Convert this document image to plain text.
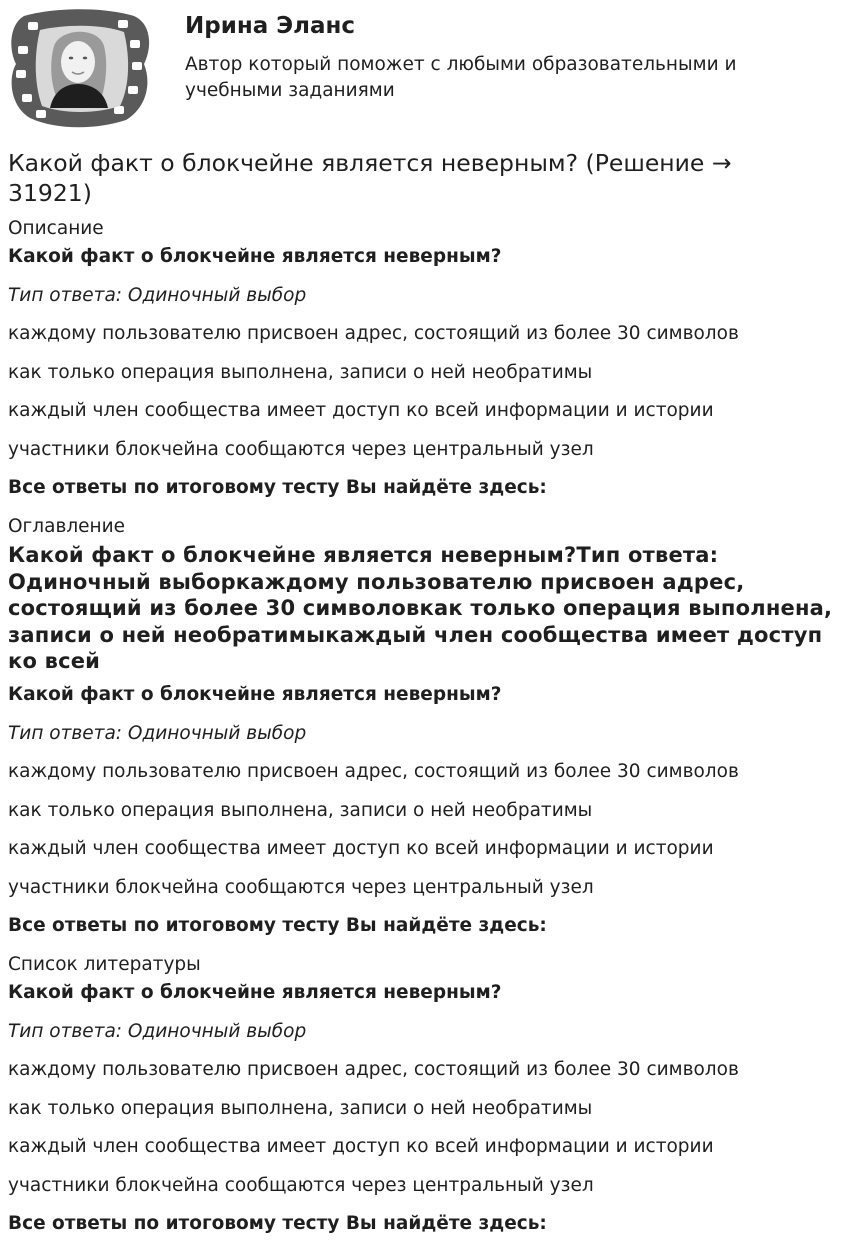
Ирина Эланс

Автор который поможет с любыми образовательными и учебными заданиями

Какой факт о блокчейне является неверным? (Решение → 31921)

Описание

Какой факт о блокчейне является неверным?

Тип ответа: Одиночный выбор

каждому пользователю присвоен адрес, состоящий из более 30 символов

как только операция выполнена, записи о ней необратимы

каждый член сообщества имеет доступ ко всей информации и истории

участники блокчейна сообщаются через центральный узел

Все ответы по итоговому тесту Вы найдёте здесь:

Оглавление

Какой факт о блокчейне является неверным?Тип ответа: Одиночный выборкаждому пользователю присвоен адрес, состоящий из более 30 символовкак только операция выполнена, записи о ней необратимыкаждый член сообщества имеет доступ ко всей

Какой факт о блокчейне является неверным?

Тип ответа: Одиночный выбор

каждому пользователю присвоен адрес, состоящий из более 30 символов

как только операция выполнена, записи о ней необратимы

каждый член сообщества имеет доступ ко всей информации и истории

участники блокчейна сообщаются через центральный узел

Все ответы по итоговому тесту Вы найдёте здесь:

Список литературы

Какой факт о блокчейне является неверным?

Тип ответа: Одиночный выбор

каждому пользователю присвоен адрес, состоящий из более 30 символов

как только операция выполнена, записи о ней необратимы

каждый член сообщества имеет доступ ко всей информации и истории

участники блокчейна сообщаются через центральный узел

Все ответы по итоговому тесту Вы найдёте здесь:
